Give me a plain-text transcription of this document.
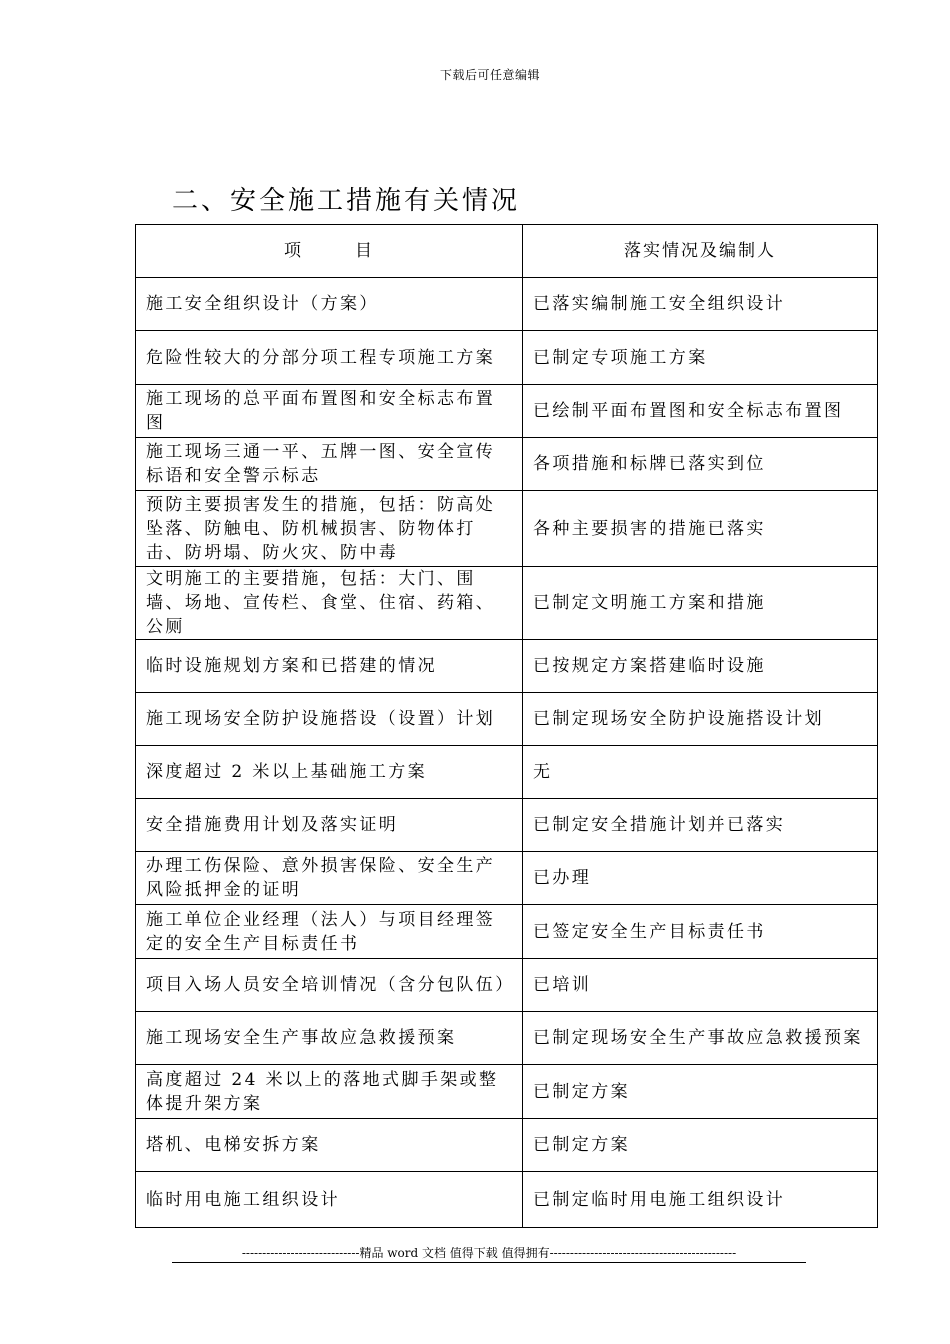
下载后可任意编辑
二、安全施工措施有关情况
项 目	落实情况及编制人
施工安全组织设计（方案）	已落实编制施工安全组织设计
危险性较大的分部分项工程专项施工方案	已制定专项施工方案
施工现场的总平面布置图和安全标志布置图	已绘制平面布置图和安全标志布置图
施工现场三通一平、五牌一图、安全宣传标语和安全警示标志	各项措施和标牌已落实到位
预防主要损害发生的措施，包括：防高处坠落、防触电、防机械损害、防物体打击、防坍塌、防火灾、防中毒	各种主要损害的措施已落实
文明施工的主要措施，包括：大门、围墙、场地、宣传栏、食堂、住宿、药箱、公厕	已制定文明施工方案和措施
临时设施规划方案和已搭建的情况	已按规定方案搭建临时设施
施工现场安全防护设施搭设（设置）计划	已制定现场安全防护设施搭设计划
深度超过 2 米以上基础施工方案	无
安全措施费用计划及落实证明	已制定安全措施计划并已落实
办理工伤保险、意外损害保险、安全生产风险抵押金的证明	已办理
施工单位企业经理（法人）与项目经理签定的安全生产目标责任书	已签定安全生产目标责任书
项目入场人员安全培训情况（含分包队伍）	已培训
施工现场安全生产事故应急救援预案	已制定现场安全生产事故应急救援预案
高度超过 24 米以上的落地式脚手架或整体提升架方案	已制定方案
塔机、电梯安拆方案	已制定方案
临时用电施工组织设计	已制定临时用电施工组织设计
-----------------------------精品 word 文档 值得下载 值得拥有----------------------------------------------
